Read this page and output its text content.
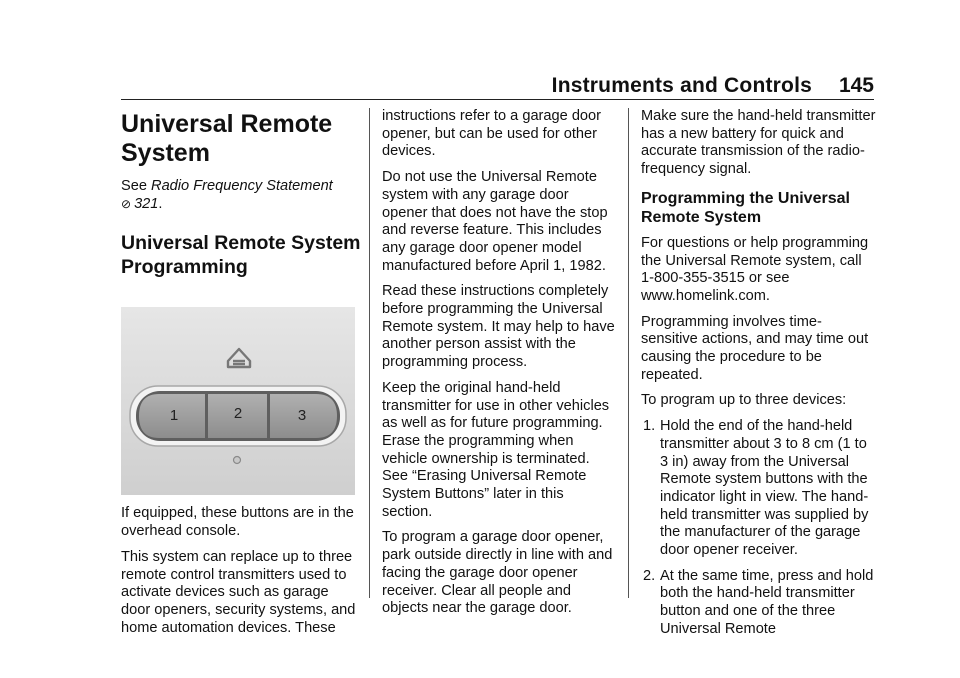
Instruments and Controls 145
Universal Remote System

See Radio Frequency Statement
⊘ 321.

Universal Remote System Programming
1	2	3

If equipped, these buttons are in the overhead console.

This system can replace up to three remote control transmitters used to activate devices such as garage door openers, security systems, and home automation devices. These

instructions refer to a garage door opener, but can be used for other devices.

Do not use the Universal Remote system with any garage door opener that does not have the stop and reverse feature. This includes any garage door opener model manufactured before April 1, 1982.

Read these instructions completely before programming the Universal Remote system. It may help to have another person assist with the programming process.

Keep the original hand-held transmitter for use in other vehicles as well as for future programming. Erase the programming when vehicle ownership is terminated. See “Erasing Universal Remote System Buttons” later in this section.

To program a garage door opener, park outside directly in line with and facing the garage door opener receiver. Clear all people and objects near the garage door.

Make sure the hand-held transmitter has a new battery for quick and accurate transmission of the radio-frequency signal.

Programming the Universal Remote System

For questions or help programming the Universal Remote system, call 1-800-355-3515 or see www.homelink.com.

Programming involves time-sensitive actions, and may time out causing the procedure to be repeated.

To program up to three devices:

1. Hold the end of the hand-held transmitter about 3 to 8 cm (1 to 3 in) away from the Universal Remote system buttons with the indicator light in view. The hand-held transmitter was supplied by the manufacturer of the garage door opener receiver.
2. At the same time, press and hold both the hand-held transmitter button and one of the three Universal Remote
